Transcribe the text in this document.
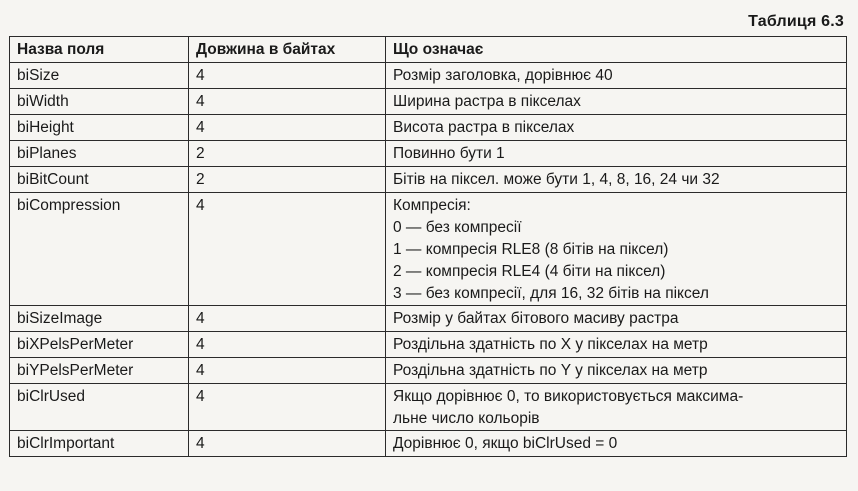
Таблиця 6.3
Назва поля	Довжина в байтах	Що означає
biSize	4	Розмір заголовка, дорівнює 40

biWidth	4	Ширина растра в пікселах

biHeight	4	Висота растра в пікселах

biPlanes	2	Повинно бути 1

biBitCount	2	Бітів на піксел. може бути 1, 4, 8, 16, 24 чи 32

biCompression	4	Компресія:
0 — без компресії
1 — компресія RLE8 (8 бітів на піксел)
2 — компресія RLE4 (4 біти на піксел)
3 — без компресії, для 16, 32 бітів на піксел

biSizeImage	4	Розмір у байтах бітового масиву растра

biXPelsPerMeter	4	Роздільна здатність по X у пікселах на метр

biYPelsPerMeter	4	Роздільна здатність по Y у пікселах на метр

biClrUsed	4	Якщо дорівнює 0, то використовується максима-
льне число кольорів

biClrImportant	4	Дорівнює 0, якщо biClrUsed = 0
